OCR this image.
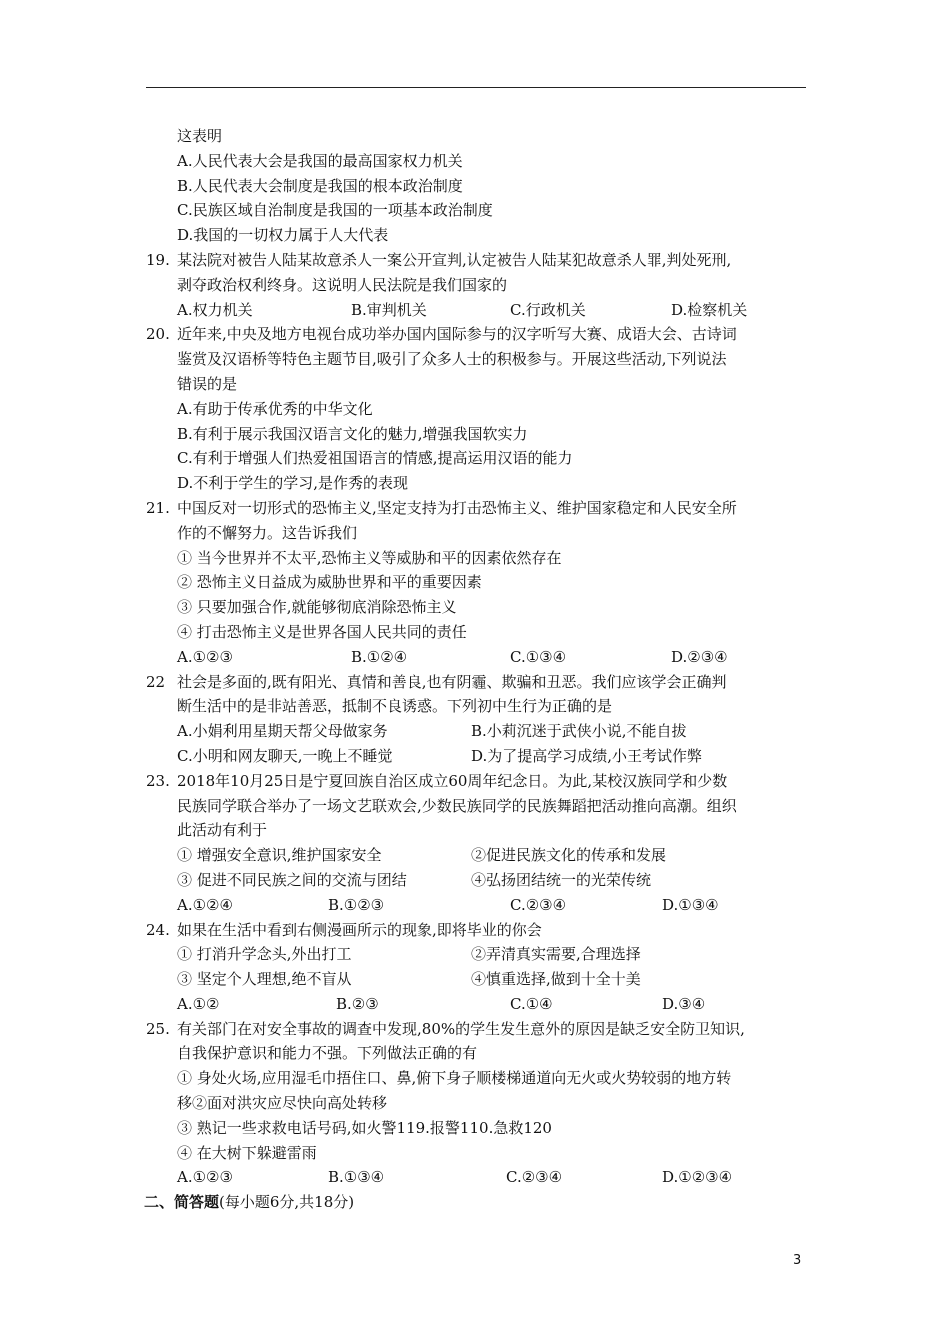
这表明
A.人民代表大会是我国的最高国家权力机关
B.人民代表大会制度是我国的根本政治制度
C.民族区域自治制度是我国的一项基本政治制度
D.我国的一切权力属于人大代表
19. 某法院对被告人陆某故意杀人一案公开宣判,认定被告人陆某犯故意杀人罪,判处死刑,
剥夺政治权利终身。这说明人民法院是我们国家的
A.权力机关	B.审判机关	C.行政机关	D.检察机关
20. 近年来,中央及地方电视台成功举办国内国际参与的汉字听写大赛、成语大会、古诗词
鉴赏及汉语桥等特色主题节目,吸引了众多人士的积极参与。开展这些活动,下列说法
错误的是
A.有助于传承优秀的中华文化
B.有利于展示我国汉语言文化的魅力,增强我国软实力
C.有利于增强人们热爱祖国语言的情感,提高运用汉语的能力
D.不利于学生的学习,是作秀的表现
21. 中国反对一切形式的恐怖主义,坚定支持为打击恐怖主义、维护国家稳定和人民安全所
作的不懈努力。这告诉我们
① 当今世界并不太平,恐怖主义等威胁和平的因素依然存在
② 恐怖主义日益成为威胁世界和平的重要因素
③ 只要加强合作,就能够彻底消除恐怖主义
④ 打击恐怖主义是世界各国人民共同的责任
A.①②③	B.①②④	C.①③④	D.②③④
22 社会是多面的,既有阳光、真情和善良,也有阴霾、欺骗和丑恶。我们应该学会正确判
断生活中的是非站善恶，抵制不良诱惑。下列初中生行为正确的是
A.小娟利用星期天帮父母做家务	B.小莉沉迷于武侠小说,不能自拔
C.小明和网友聊天,一晚上不睡觉	D.为了提高学习成绩,小王考试作弊
23. 2018年10月25日是宁夏回族自治区成立60周年纪念日。为此,某校汉族同学和少数
民族同学联合举办了一场文艺联欢会,少数民族同学的民族舞蹈把活动推向高潮。组织
此活动有利于
① 增强安全意识,维护国家安全	②促进民族文化的传承和发展
③ 促进不同民族之间的交流与团结	④弘扬团结统一的光荣传统
A.①②④	B.①②③	C.②③④	D.①③④
24. 如果在生活中看到右侧漫画所示的现象,即将毕业的你会
① 打消升学念头,外出打工	②弄清真实需要,合理选择
③ 坚定个人理想,绝不盲从	④慎重选择,做到十全十美
A.①②	B.②③	C.①④	D.③④
25. 有关部门在对安全事故的调查中发现,80%的学生发生意外的原因是缺乏安全防卫知识,
自我保护意识和能力不强。下列做法正确的有
① 身处火场,应用湿毛巾捂住口、鼻,俯下身子顺楼梯通道向无火或火势较弱的地方转
移②面对洪灾应尽快向高处转移
③ 熟记一些求救电话号码,如火警119.报警110.急救120
④ 在大树下躲避雷雨
A.①②③	B.①③④	C.②③④	D.①②③④
二、简答题(每小题6分,共18分)
3
